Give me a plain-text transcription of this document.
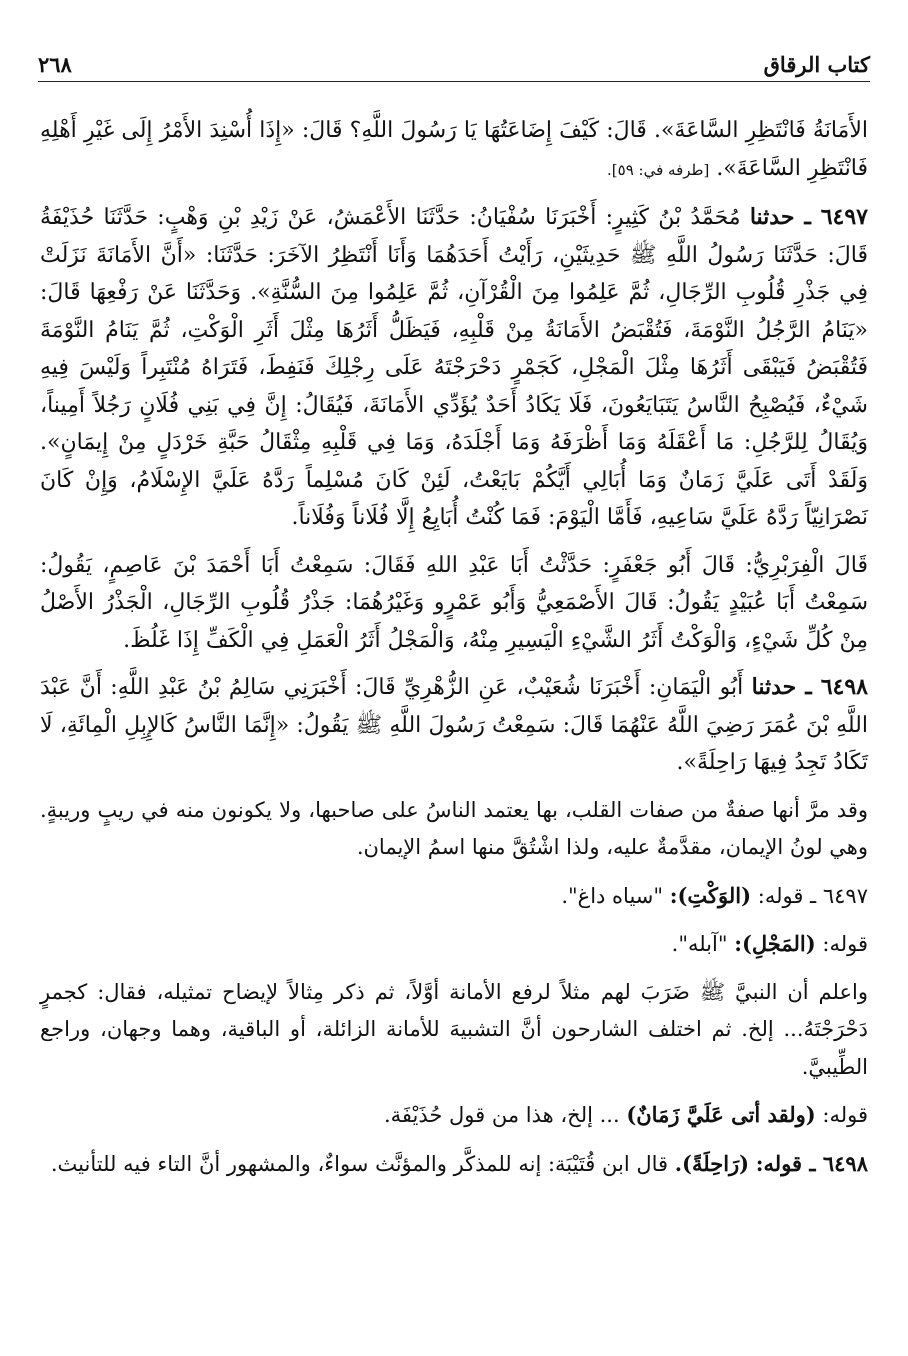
كتاب الرقاق
٢٦٨

الأَمَانَةُ فَانْتَظِرِ السَّاعَةَ». قَالَ: كَيْفَ إِضَاعَتُهَا يَا رَسُولَ اللَّهِ؟ قَالَ: «إِذَا أُسْنِدَ الأَمْرُ إِلَى غَيْرِ أَهْلِهِ فَانْتَظِرِ السَّاعَةَ». [طرفه في: ٥٩].

٦٤٩٧ ـ حدثنا مُحَمَّدُ بْنُ كَثِيرٍ: أَخْبَرَنَا سُفْيَانُ: حَدَّثَنَا الأَعْمَشُ، عَنْ زَيْدِ بْنِ وَهْبٍ: حَدَّثَنَا حُذَيْفَةُ قَالَ: حَدَّثَنَا رَسُولُ اللَّهِ ﷺ حَدِيثَيْنِ، رَأَيْتُ أَحَدَهُمَا وَأَنَا أَنْتَظِرُ الآخَرَ: حَدَّثَنَا: «أَنَّ الأَمَانَةَ نَزَلَتْ فِي جَذْرِ قُلُوبِ الرِّجَالِ، ثُمَّ عَلِمُوا مِنَ الْقُرْآنِ، ثُمَّ عَلِمُوا مِنَ السُّنَّةِ». وَحَدَّثَنَا عَنْ رَفْعِهَا قَالَ: «يَنَامُ الرَّجُلُ النَّوْمَةَ، فَتُقْبَضُ الأَمَانَةُ مِنْ قَلْبِهِ، فَيَظَلُّ أَثَرُهَا مِثْلَ أَثَرِ الْوَكْتِ، ثُمَّ يَنَامُ النَّوْمَةَ فَتُقْبَضُ فَيَبْقَى أَثَرُهَا مِثْلَ الْمَجْلِ، كَجَمْرٍ دَحْرَجْتَهُ عَلَى رِجْلِكَ فَنَفِطَ، فَتَرَاهُ مُنْتَبِراً وَلَيْسَ فِيهِ شَيْءٌ، فَيُصْبِحُ النَّاسُ يَتَبَايَعُونَ، فَلَا يَكَادُ أَحَدٌ يُؤَدِّي الأَمَانَةَ، فَيُقَالُ: إِنَّ فِي بَنِي فُلَانٍ رَجُلاً أَمِيناً، وَيُقَالُ لِلرَّجُلِ: مَا أَعْقَلَهُ وَمَا أَظْرَفَهُ وَمَا أَجْلَدَهُ، وَمَا فِي قَلْبِهِ مِثْقَالُ حَبَّةِ خَرْدَلٍ مِنْ إِيمَانٍ». وَلَقَدْ أَتَى عَلَيَّ زَمَانٌ وَمَا أُبَالِي أَيَّكُمْ بَايَعْتُ، لَئِنْ كَانَ مُسْلِماً رَدَّهُ عَلَيَّ الإِسْلَامُ، وَإِنْ كَانَ نَصْرَانِيّاً رَدَّهُ عَلَيَّ سَاعِيهِ، فَأَمَّا الْيَوْمَ: فَمَا كُنْتُ أُبَايِعُ إِلَّا فُلَاناً وَفُلَاناً.

قَالَ الْفِرَبْرِيُّ: قَالَ أَبُو جَعْفَرٍ: حَدَّثْتُ أَبَا عَبْدِ اللهِ فَقَالَ: سَمِعْتُ أَبَا أَحْمَدَ بْنَ عَاصِمٍ، يَقُولُ: سَمِعْتُ أَبَا عُبَيْدٍ يَقُولُ: قَالَ الأَصْمَعِيُّ وَأَبُو عَمْرٍو وَغَيْرُهُمَا: جَذْرُ قُلُوبِ الرِّجَالِ، الْجَذْرُ الأَصْلُ مِنْ كُلِّ شَيْءٍ، وَالْوَكْتُ أَثَرُ الشَّيْءِ الْيَسِيرِ مِنْهُ، وَالْمَجْلُ أَثَرُ الْعَمَلِ فِي الْكَفِّ إِذَا غَلُظَ.

٦٤٩٨ ـ حدثنا أَبُو الْيَمَانِ: أَخْبَرَنَا شُعَيْبٌ، عَنِ الزُّهْرِيِّ قَالَ: أَخْبَرَنِي سَالِمُ بْنُ عَبْدِ اللَّهِ: أَنَّ عَبْدَ اللَّهِ بْنَ عُمَرَ رَضِيَ اللَّهُ عَنْهُمَا قَالَ: سَمِعْتُ رَسُولَ اللَّهِ ﷺ يَقُولُ: «إِنَّمَا النَّاسُ كَالإِبِلِ الْمِائَةِ، لَا تَكَادُ تَجِدُ فِيهَا رَاحِلَةً».

وقد مرَّ أنها صفةٌ من صفات القلب، بها يعتمد الناسُ على صاحبها، ولا يكونون منه في ريبٍ وريبةٍ. وهي لونُ الإيمان، مقدَّمةٌ عليه، ولذا اشْتُقَّ منها اسمُ الإيمان.

٦٤٩٧ ـ قوله: (الوَكْتِ): "سياه داغ".

قوله: (المَجْلِ): "آبله".

واعلم أن النبيَّ ﷺ ضَرَبَ لهم مثلاً لرفع الأمانة أوَّلاً، ثم ذكر مِثالاً لإيضاح تمثيله، فقال: كجمرٍ دَحْرَجْتَهُ... إلخ. ثم اختلف الشارحون أنَّ التشبيهَ للأمانة الزائلة، أو الباقية، وهما وجهان، وراجع الطِّيبيَّ.

قوله: (ولقد أتى عَلَيَّ زَمَانٌ) ... إلخ، هذا من قول حُذَيْفَة.

٦٤٩٨ ـ قوله: (رَاحِلَةً). قال ابن قُتَيْبَة: إنه للمذكَّر والمؤنَّث سواءٌ، والمشهور أنَّ التاء فيه للتأنيث.
